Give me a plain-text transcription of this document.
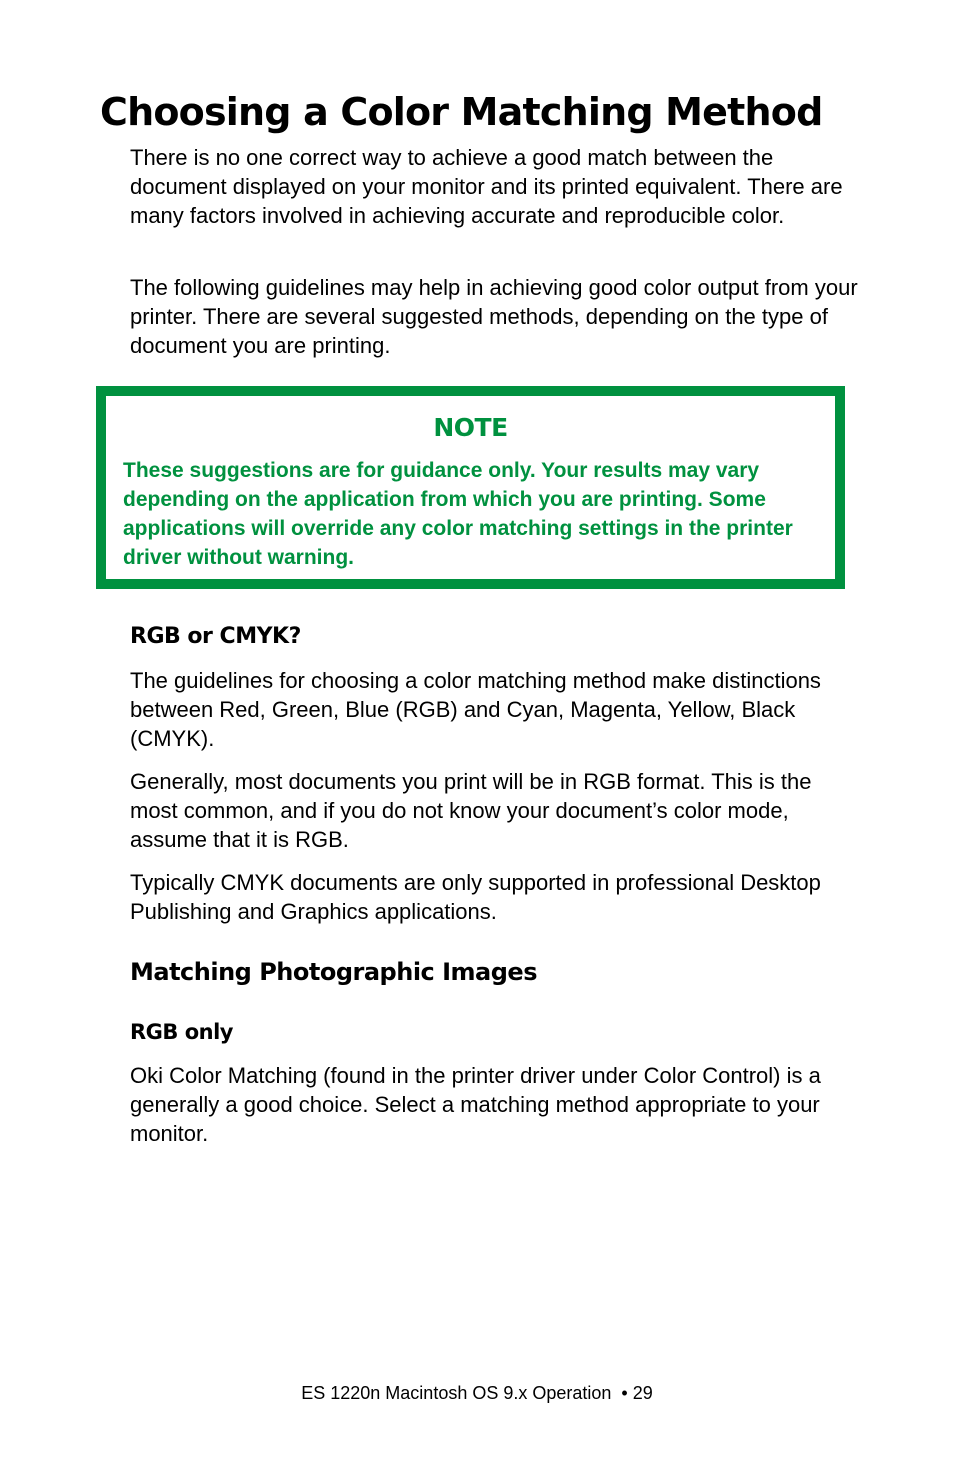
Choosing a Color Matching Method

There is no one correct way to achieve a good match between the document displayed on your monitor and its printed equivalent. There are many factors involved in achieving accurate and reproducible color.

The following guidelines may help in achieving good color output from your printer. There are several suggested methods, depending on the type of document you are printing.

NOTE

These suggestions are for guidance only. Your results may vary depending on the application from which you are printing. Some applications will override any color matching settings in the printer driver without warning.

RGB or CMYK?

The guidelines for choosing a color matching method make distinctions between Red, Green, Blue (RGB) and Cyan, Magenta, Yellow, Black (CMYK).

Generally, most documents you print will be in RGB format. This is the most common, and if you do not know your document’s color mode, assume that it is RGB.

Typically CMYK documents are only supported in professional Desktop Publishing and Graphics applications.

Matching Photographic Images
RGB only

Oki Color Matching (found in the printer driver under Color Control) is a generally a good choice. Select a matching method appropriate to your monitor.

ES 1220n Macintosh OS 9.x Operation  • 29
